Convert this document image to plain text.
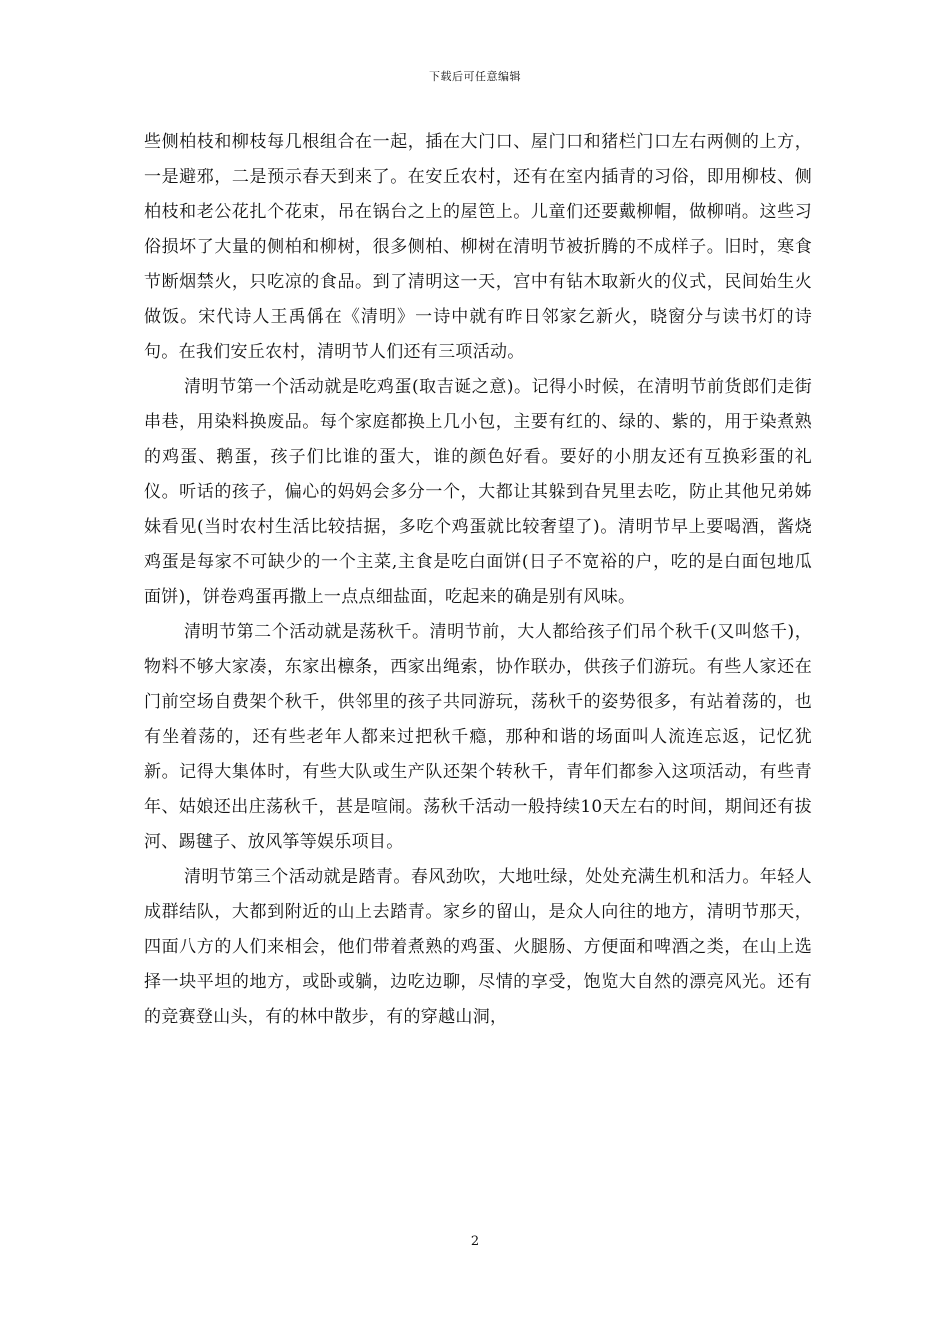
下载后可任意编辑

些侧柏枝和柳枝每几根组合在一起，插在大门口、屋门口和猪栏门口左右两侧的上方，一是避邪，二是预示春天到来了。在安丘农村，还有在室内插青的习俗，即用柳枝、侧柏枝和老公花扎个花束，吊在锅台之上的屋笆上。儿童们还要戴柳帽，做柳哨。这些习俗损坏了大量的侧柏和柳树，很多侧柏、柳树在清明节被折腾的不成样子。旧时，寒食节断烟禁火，只吃凉的食品。到了清明这一天，宫中有钻木取新火的仪式，民间始生火做饭。宋代诗人王禹偁在《清明》一诗中就有昨日邻家乞新火，晓窗分与读书灯的诗句。在我们安丘农村，清明节人们还有三项活动。

清明节第一个活动就是吃鸡蛋(取吉诞之意)。记得小时候，在清明节前货郎们走街串巷，用染料换废品。每个家庭都换上几小包，主要有红的、绿的、紫的，用于染煮熟的鸡蛋、鹅蛋，孩子们比谁的蛋大，谁的颜色好看。要好的小朋友还有互换彩蛋的礼仪。听话的孩子，偏心的妈妈会多分一个，大都让其躲到旮旯里去吃，防止其他兄弟姊妹看见(当时农村生活比较拮据，多吃个鸡蛋就比较奢望了)。清明节早上要喝酒，酱烧鸡蛋是每家不可缺少的一个主菜,主食是吃白面饼(日子不宽裕的户，吃的是白面包地瓜面饼)，饼卷鸡蛋再撒上一点点细盐面，吃起来的确是别有风味。

清明节第二个活动就是荡秋千。清明节前，大人都给孩子们吊个秋千(又叫悠千)，物料不够大家凑，东家出檩条，西家出绳索，协作联办，供孩子们游玩。有些人家还在门前空场自费架个秋千，供邻里的孩子共同游玩，荡秋千的姿势很多，有站着荡的，也有坐着荡的，还有些老年人都来过把秋千瘾，那种和谐的场面叫人流连忘返，记忆犹新。记得大集体时，有些大队或生产队还架个转秋千，青年们都参入这项活动，有些青年、姑娘还出庄荡秋千，甚是喧闹。荡秋千活动一般持续10天左右的时间，期间还有拔河、踢毽子、放风筝等娱乐项目。

清明节第三个活动就是踏青。春风劲吹，大地吐绿，处处充满生机和活力。年轻人成群结队，大都到附近的山上去踏青。家乡的留山，是众人向往的地方，清明节那天，四面八方的人们来相会，他们带着煮熟的鸡蛋、火腿肠、方便面和啤酒之类，在山上选择一块平坦的地方，或卧或躺，边吃边聊，尽情的享受，饱览大自然的漂亮风光。还有的竞赛登山头，有的林中散步，有的穿越山洞，

2
